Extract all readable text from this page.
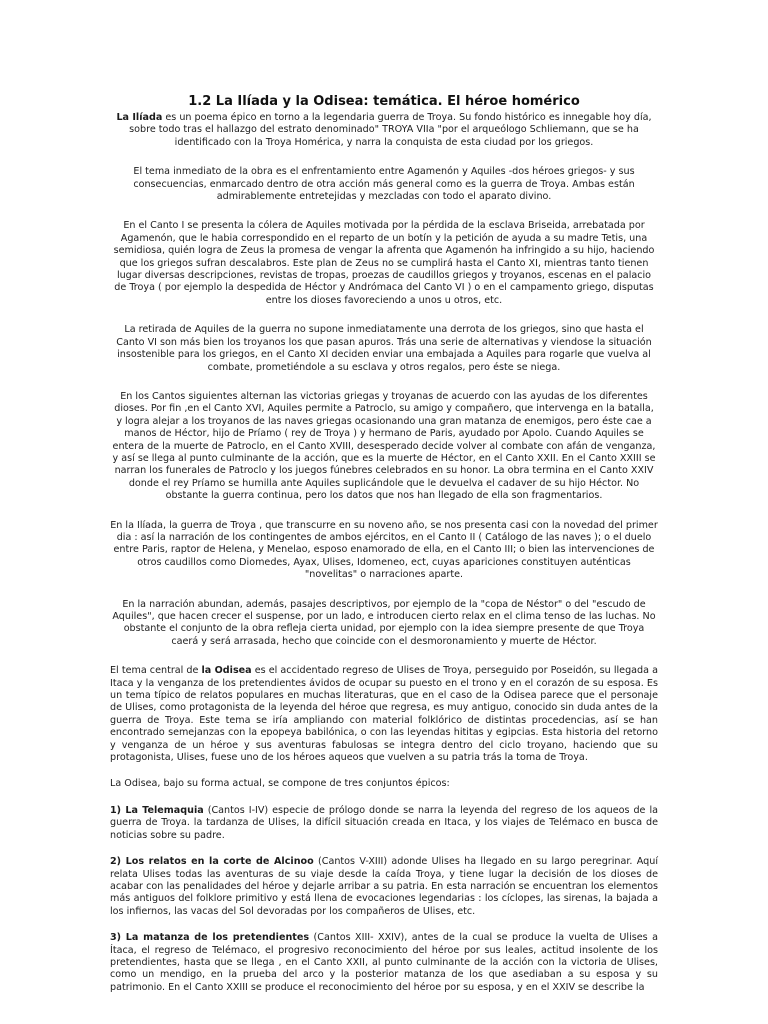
1.2 La Ilíada y la Odisea: temática. El héroe homérico

La Ilíada es un poema épico en torno a la legendaria guerra de Troya. Su fondo histórico es innegable hoy día, sobre todo tras el hallazgo del estrato denominado" TROYA VIIa "por el arqueólogo Schliemann, que se ha identificado con la Troya Homérica, y narra la conquista de esta ciudad por los griegos.

El tema inmediato de la obra es el enfrentamiento entre Agamenón y Aquiles -dos héroes griegos- y sus consecuencias, enmarcado dentro de otra acción más general como es la guerra de Troya. Ambas están admirablemente entretejidas y mezcladas con todo el aparato divino.

En el Canto I se presenta la cólera de Aquiles motivada por la pérdida de la esclava Briseida, arrebatada por Agamenón, que le habia correspondido en el reparto de un botín y la petición de ayuda a su madre Tetis, una semidiosa, quién logra de Zeus la promesa de vengar la afrenta que Agamenón ha infringido a su hijo, haciendo que los griegos sufran descalabros. Este plan de Zeus no se cumplirá hasta el Canto XI, mientras tanto tienen lugar diversas descripciones, revistas de tropas, proezas de caudillos griegos y troyanos, escenas en el palacio de Troya ( por ejemplo la despedida de Héctor y Andrómaca del Canto VI ) o en el campamento griego, disputas entre los dioses favoreciendo a unos u otros, etc.

La retirada de Aquiles de la guerra no supone inmediatamente una derrota de los griegos, sino que hasta el Canto VI son más bien los troyanos los que pasan apuros. Trás una serie de alternativas y viendose la situación insostenible para los griegos, en el Canto XI deciden enviar una embajada a Aquiles para rogarle que vuelva al combate, prometiéndole a su esclava y otros regalos, pero éste se niega.

En los Cantos siguientes alternan las victorias griegas y troyanas de acuerdo con las ayudas de los diferentes dioses. Por fin ,en el Canto XVI, Aquiles permite a Patroclo, su amigo y compañero, que intervenga en la batalla, y logra alejar a los troyanos de las naves griegas ocasionando una gran matanza de enemigos, pero éste cae a manos de Héctor, hijo de Príamo ( rey de Troya ) y hermano de Paris, ayudado por Apolo. Cuando Aquiles se entera de la muerte de Patroclo, en el Canto XVIII, desesperado decide volver al combate con afán de venganza, y así se llega al punto culminante de la acción, que es la muerte de Héctor, en el Canto XXII. En el Canto XXIII se narran los funerales de Patroclo y los juegos fúnebres celebrados en su honor. La obra termina en el Canto XXIV donde el rey Príamo se humilla ante Aquiles suplicándole que le devuelva el cadaver de su hijo Héctor. No obstante la guerra continua, pero los datos que nos han llegado de ella son fragmentarios.

En la Ilíada, la guerra de Troya , que transcurre en su noveno año, se nos presenta casi con la novedad del primer dia : así la narración de los contingentes de ambos ejércitos, en el Canto II ( Catálogo de las naves ); o el duelo entre Paris, raptor de Helena, y Menelao, esposo enamorado de ella, en el Canto III; o bien las intervenciones de otros caudillos como Diomedes, Ayax, Ulises, Idomeneo, ect, cuyas apariciones constituyen auténticas "novelitas" o narraciones aparte.

En la narración abundan, además, pasajes descriptivos, por ejemplo de la "copa de Néstor" o del "escudo de Aquiles", que hacen crecer el suspense, por un lado, e introducen cierto relax en el clima tenso de las luchas. No obstante el conjunto de la obra refleja cierta unidad, por ejemplo con la idea siempre presente de que Troya caerá y será arrasada, hecho que coincide con el desmoronamiento y muerte de Héctor.

El tema central de la Odisea es el accidentado regreso de Ulises de Troya, perseguido por Poseidón, su llegada a Itaca y la venganza de los pretendientes ávidos de ocupar su puesto en el trono y en el corazón de su esposa. Es un tema típico de relatos populares en muchas literaturas, que en el caso de la Odisea parece que el personaje de Ulises, como protagonista de la leyenda del héroe que regresa, es muy antiguo, conocido sin duda antes de la guerra de Troya. Este tema se iría ampliando con material folklórico de distintas procedencias, así se han encontrado semejanzas con la epopeya babilónica, o con las leyendas hititas y egipcias. Esta historia del retorno y venganza de un héroe y sus aventuras fabulosas se integra dentro del ciclo troyano, haciendo que su protagonista, Ulises, fuese uno de los héroes aqueos que vuelven a su patria trás la toma de Troya.

La Odisea, bajo su forma actual, se compone de tres conjuntos épicos:

1) La Telemaquia (Cantos I-IV) especie de prólogo donde se narra la leyenda del regreso de los aqueos de la guerra de Troya. la tardanza de Ulises, la difícil situación creada en Itaca, y los viajes de Telémaco en busca de noticias sobre su padre.

2) Los relatos en la corte de Alcinoo (Cantos V-XIII) adonde Ulises ha llegado en su largo peregrinar. Aquí relata Ulises todas las aventuras de su viaje desde la caída Troya, y tiene lugar la decisión de los dioses de acabar con las penalidades del héroe y dejarle arribar a su patria. En esta narración se encuentran los elementos más antiguos del folklore primitivo y está llena de evocaciones legendarias : los cíclopes, las sirenas, la bajada a los infiernos, las vacas del Sol devoradas por los compañeros de Ulises, etc.

3) La matanza de los pretendientes (Cantos XIII- XXIV), antes de la cual se produce la vuelta de Ulises a Ítaca, el regreso de Telémaco, el progresivo reconocimiento del héroe por sus leales, actitud insolente de los pretendientes, hasta que se llega , en el Canto XXII, al punto culminante de la acción con la victoria de Ulises, como un mendigo, en la prueba del arco y la posterior matanza de los que asediaban a su esposa y su patrimonio. En el Canto XXIII se produce el reconocimiento del héroe por su esposa, y en el XXIV se describe la
